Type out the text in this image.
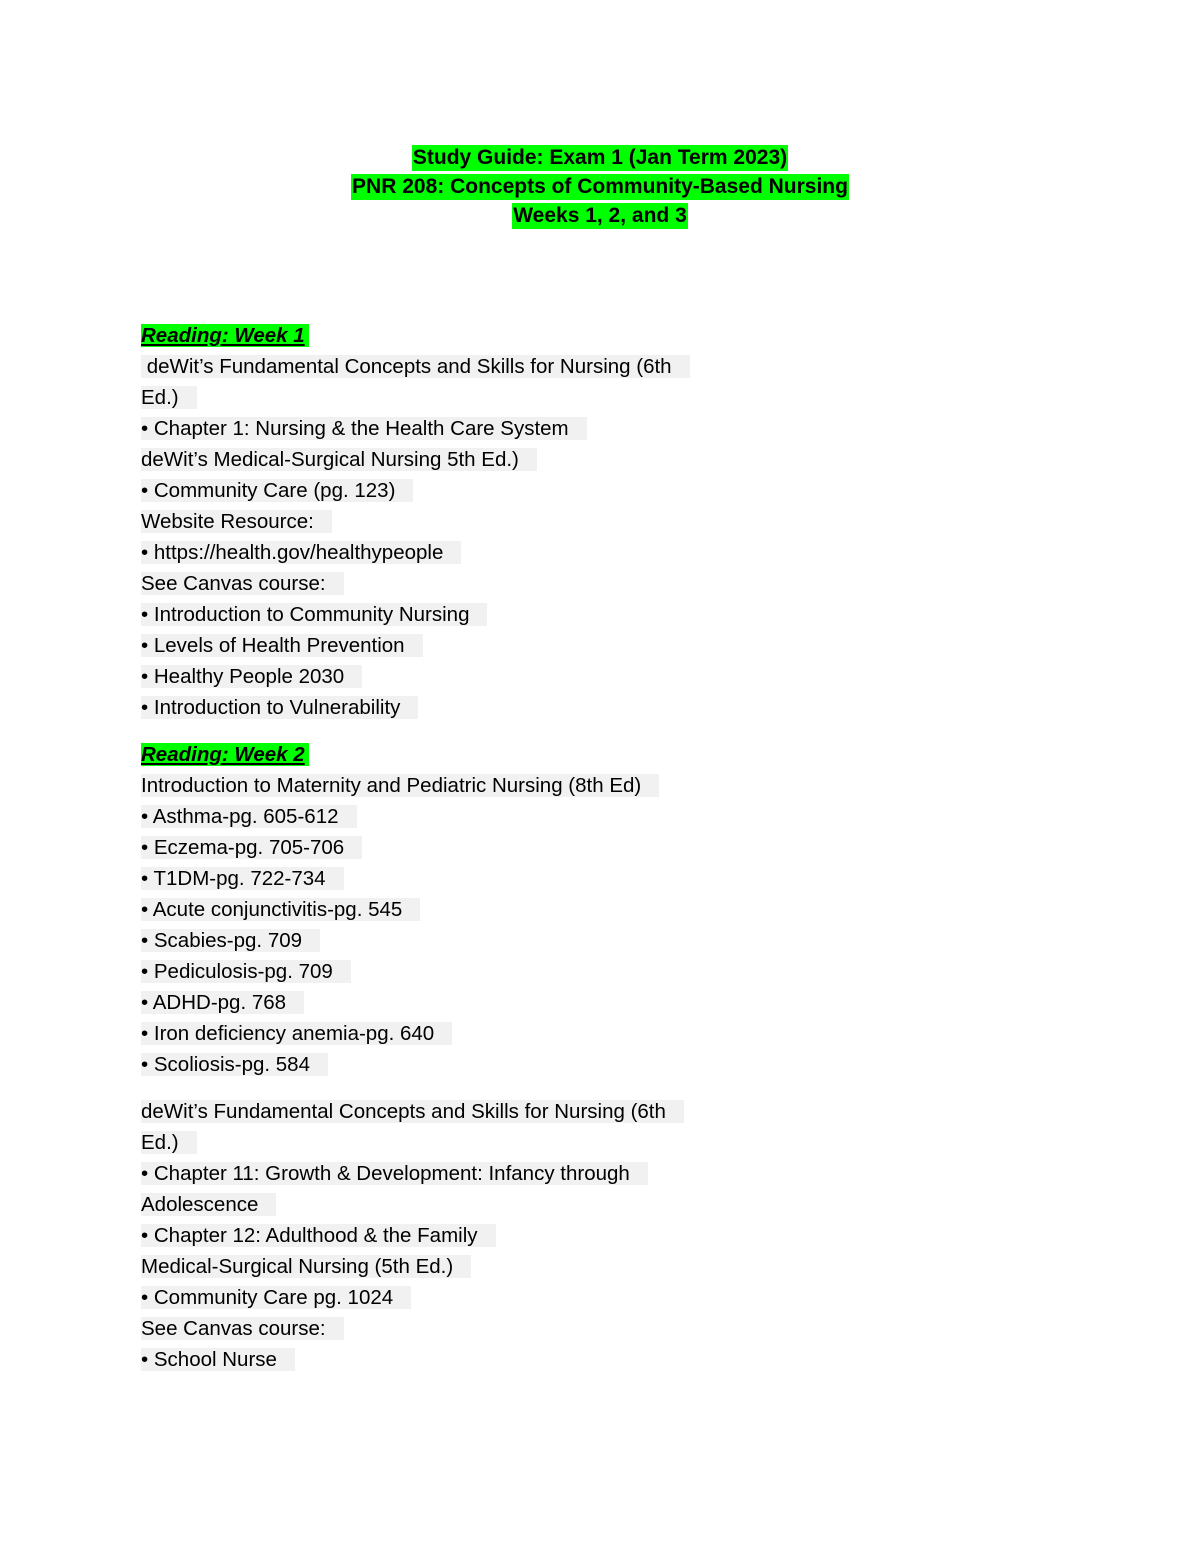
Study Guide: Exam 1 (Jan Term 2023)
PNR 208: Concepts of Community-Based Nursing
Weeks 1, 2, and 3
Reading: Week 1
deWit’s Fundamental Concepts and Skills for Nursing (6th
Ed.)
• Chapter 1: Nursing & the Health Care System
deWit’s Medical-Surgical Nursing 5th Ed.)
• Community Care (pg. 123)
Website Resource:
• https://health.gov/healthypeople
See Canvas course:
• Introduction to Community Nursing
• Levels of Health Prevention
• Healthy People 2030
• Introduction to Vulnerability
Reading: Week 2
Introduction to Maternity and Pediatric Nursing (8th Ed)
• Asthma-pg. 605-612
• Eczema-pg. 705-706
• T1DM-pg. 722-734
• Acute conjunctivitis-pg. 545
• Scabies-pg. 709
• Pediculosis-pg. 709
• ADHD-pg. 768
• Iron deficiency anemia-pg. 640
• Scoliosis-pg. 584
deWit’s Fundamental Concepts and Skills for Nursing (6th
Ed.)
• Chapter 11: Growth & Development: Infancy through
Adolescence
• Chapter 12: Adulthood & the Family
Medical-Surgical Nursing (5th Ed.)
• Community Care pg. 1024
See Canvas course:
• School Nurse
